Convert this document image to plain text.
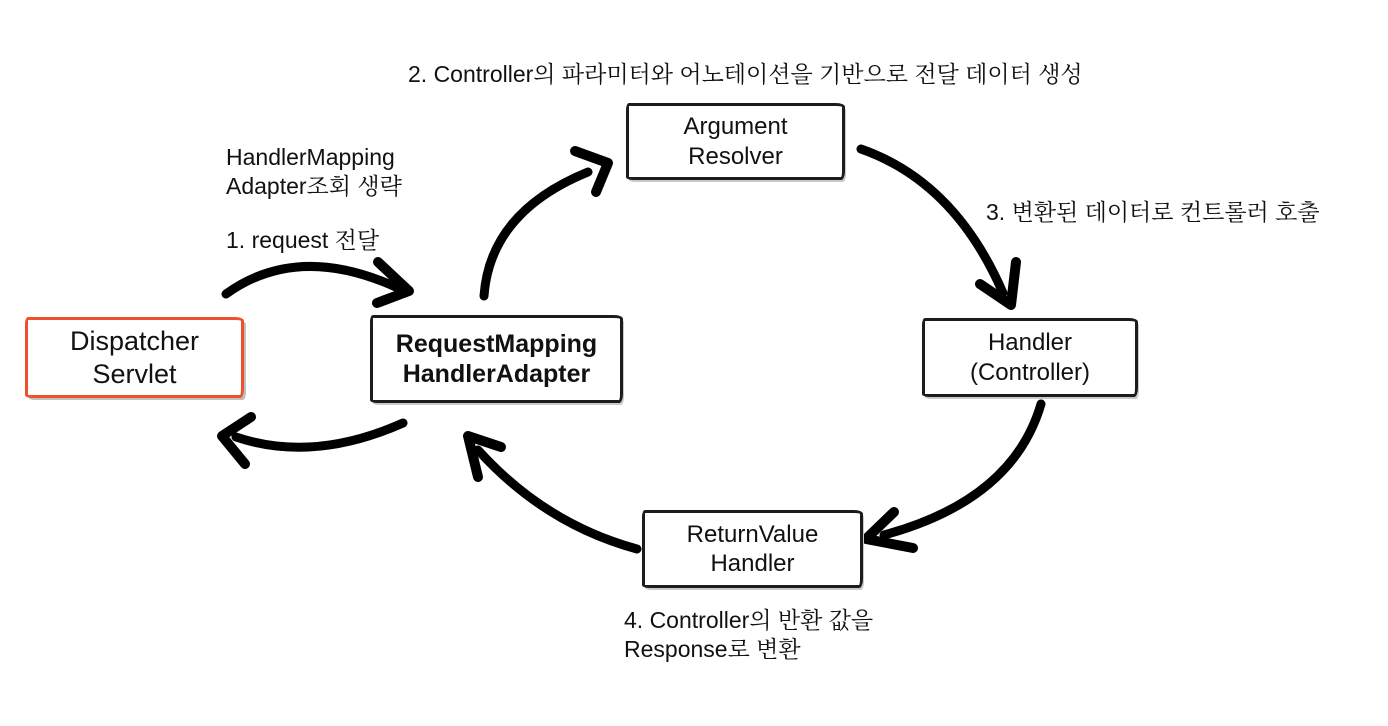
2. Controller의 파라미터와 어노테이션을 기반으로 전달 데이터 생성
HandlerMapping
Adapter조회 생략
1. request 전달
3. 변환된 데이터로 컨트롤러 호출
4. Controller의 반환 값을
Response로 변환
Dispatcher
Servlet
RequestMapping
HandlerAdapter
Argument
Resolver
Handler
(Controller)
ReturnValue
Handler
